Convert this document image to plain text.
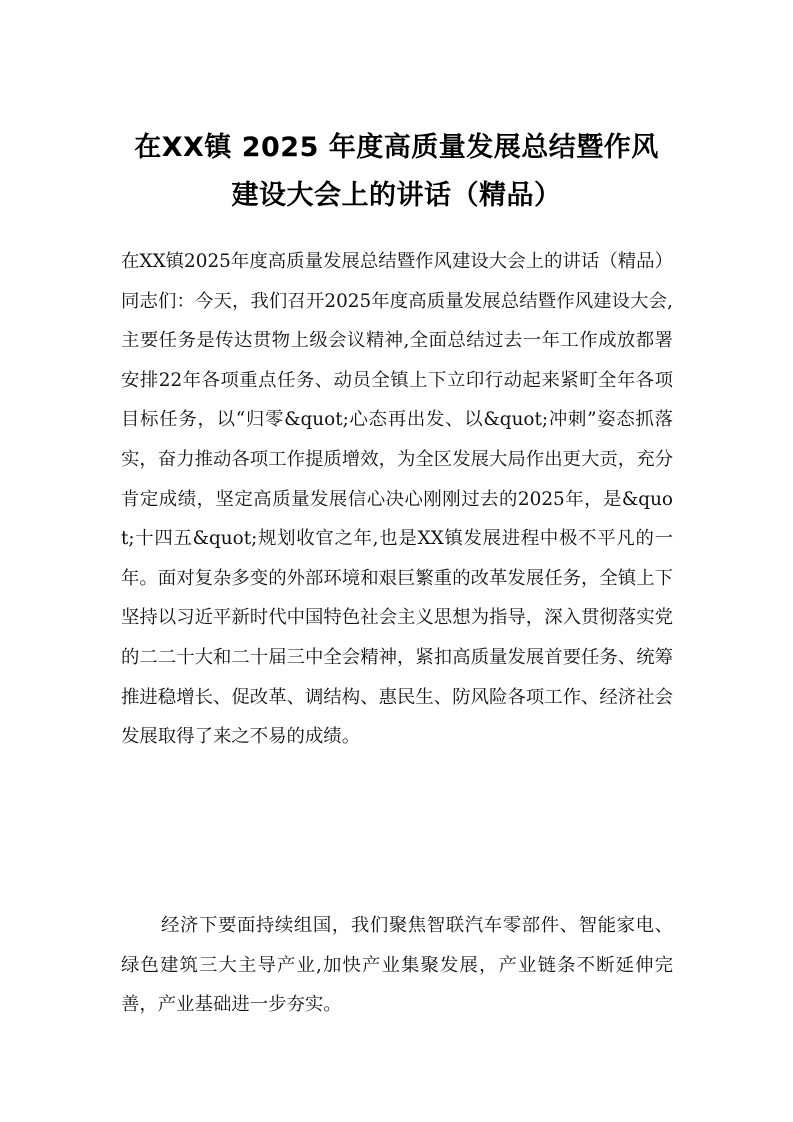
在XX镇 2025 年度高质量发展总结暨作风
建设大会上的讲话（精品）

在XX镇2025年度高质量发展总结暨作风建设大会上的讲话（精品）同志们：今天，我们召开2025年度高质量发展总结暨作风建设大会,主要任务是传达贯物上级会议精神,全面总结过去一年工作成放都署安排22年各项重点任务、动员全镇上下立印行动起来紧町全年各项目标任务，以“归零&quot;心态再出发、以&quot;冲刺”姿态抓落实，奋力推动各项工作提质增效，为全区发展大局作出更大贡，充分肯定成绩，坚定高质量发展信心决心刚刚过去的2025年，是&quot;十四五&quot;规划收官之年,也是XX镇发展进程中极不平凡的一年。面对复杂多变的外部环境和艰巨繁重的改革发展任务，全镇上下坚持以习近平新时代中国特色社会主义思想为指导，深入贯彻落实党的二二十大和二十届三中全会精神，紧扣高质量发展首要任务、统筹推进稳增长、促改革、调结构、惠民生、防风险各项工作、经济社会发展取得了来之不易的成绩。

经济下要面持续组国，我们聚焦智联汽车零部件、智能家电、绿色建筑三大主导产业,加快产业集聚发展，产业链条不断延伸完善，产业基础进一步夯实。
